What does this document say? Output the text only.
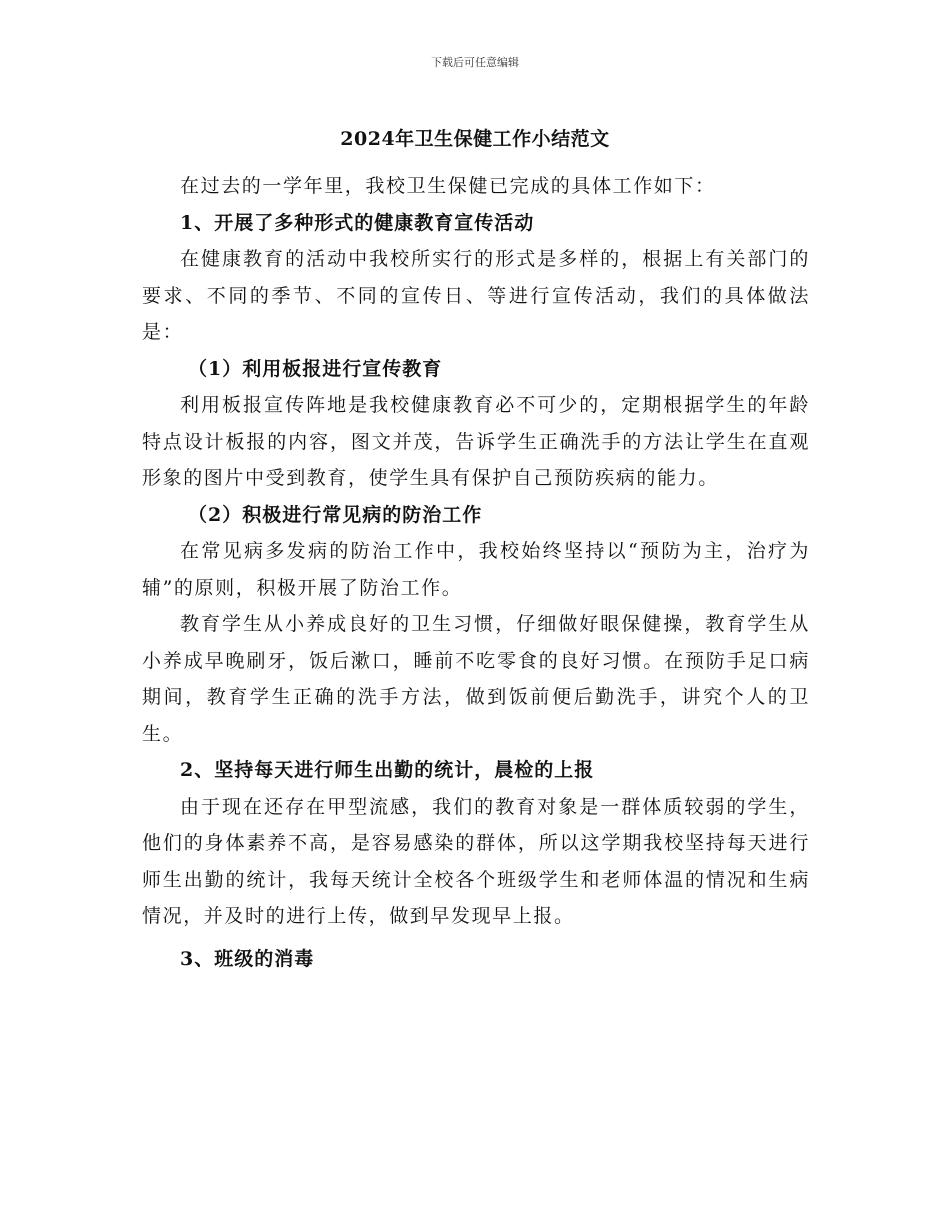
下载后可任意编辑
2024年卫生保健工作小结范文

在过去的一学年里，我校卫生保健已完成的具体工作如下：

1、开展了多种形式的健康教育宣传活动

在健康教育的活动中我校所实行的形式是多样的，根据上有关部门的要求、不同的季节、不同的宣传日、等进行宣传活动，我们的具体做法是：

（1）利用板报进行宣传教育

利用板报宣传阵地是我校健康教育必不可少的，定期根据学生的年龄特点设计板报的内容，图文并茂，告诉学生正确洗手的方法让学生在直观形象的图片中受到教育，使学生具有保护自己预防疾病的能力。

（2）积极进行常见病的防治工作

在常见病多发病的防治工作中，我校始终坚持以“预防为主，治疗为辅”的原则，积极开展了防治工作。

教育学生从小养成良好的卫生习惯，仔细做好眼保健操，教育学生从小养成早晚刷牙，饭后漱口，睡前不吃零食的良好习惯。在预防手足口病期间，教育学生正确的洗手方法，做到饭前便后勤洗手，讲究个人的卫生。

2、坚持每天进行师生出勤的统计，晨检的上报

由于现在还存在甲型流感，我们的教育对象是一群体质较弱的学生，他们的身体素养不高，是容易感染的群体，所以这学期我校坚持每天进行师生出勤的统计，我每天统计全校各个班级学生和老师体温的情况和生病情况，并及时的进行上传，做到早发现早上报。

3、班级的消毒
